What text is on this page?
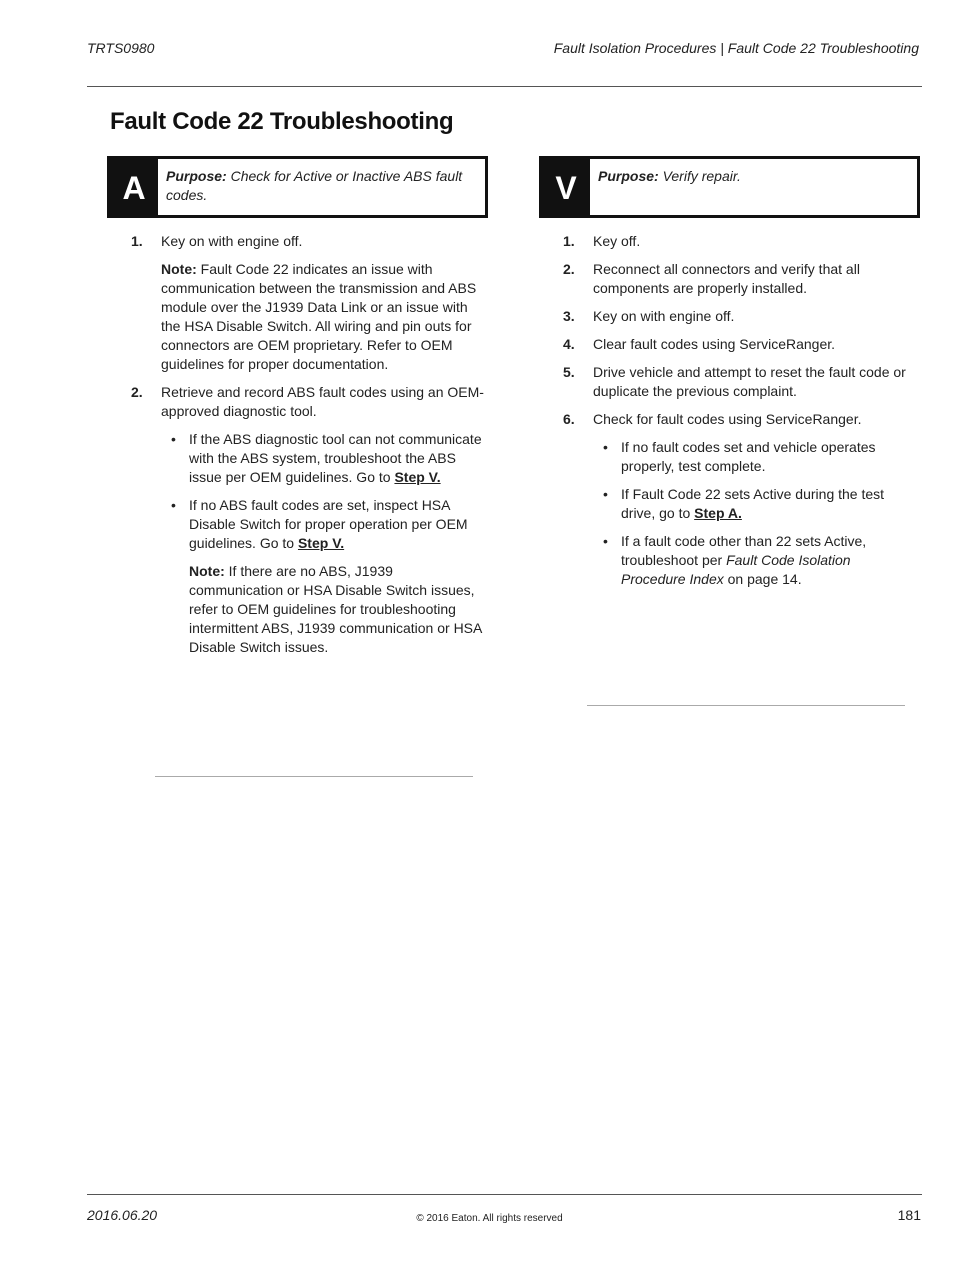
TRTS0980	Fault Isolation Procedures | Fault Code 22 Troubleshooting
Fault Code 22 Troubleshooting
A	Purpose: Check for Active or Inactive ABS fault codes.	V	Purpose: Verify repair.
1. Key on with engine off.
Note: Fault Code 22 indicates an issue with communication between the transmission and ABS module over the J1939 Data Link or an issue with the HSA Disable Switch. All wiring and pin outs for connectors are OEM proprietary. Refer to OEM guidelines for proper documentation.
2. Retrieve and record ABS fault codes using an OEM-approved diagnostic tool.
• If the ABS diagnostic tool can not communicate with the ABS system, troubleshoot the ABS issue per OEM guidelines. Go to Step V.
• If no ABS fault codes are set, inspect HSA Disable Switch for proper operation per OEM guidelines. Go to Step V.
Note: If there are no ABS, J1939 communication or HSA Disable Switch issues, refer to OEM guidelines for troubleshooting intermittent ABS, J1939 communication or HSA Disable Switch issues.
1. Key off.
2. Reconnect all connectors and verify that all components are properly installed.
3. Key on with engine off.
4. Clear fault codes using ServiceRanger.
5. Drive vehicle and attempt to reset the fault code or duplicate the previous complaint.
6. Check for fault codes using ServiceRanger.
• If no fault codes set and vehicle operates properly, test complete.
• If Fault Code 22 sets Active during the test drive, go to Step A.
• If a fault code other than 22 sets Active, troubleshoot per Fault Code Isolation Procedure Index on page 14.
2016.06.20	© 2016 Eaton. All rights reserved	181
